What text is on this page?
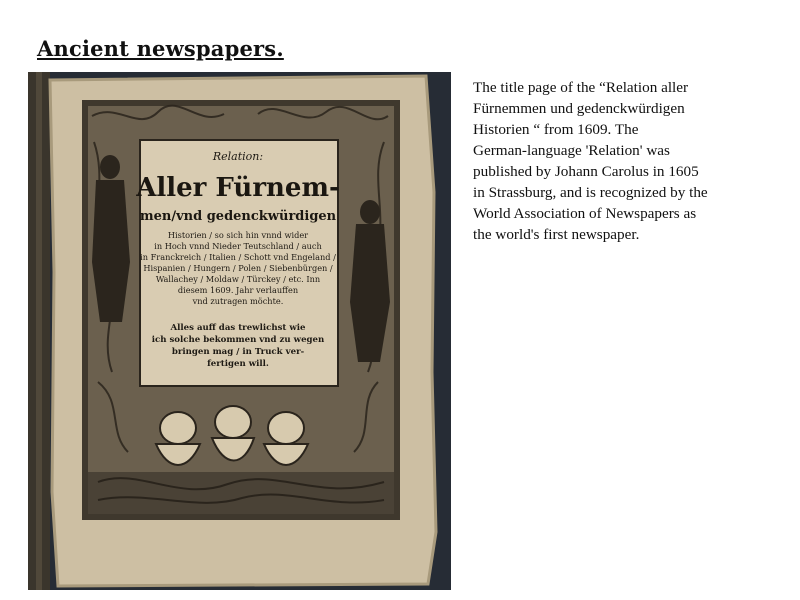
Ancient newspapers.
Relation:
Aller Fürnem-
men/vnd gedenckwürdigen
Historien / so sich hin vnnd wider
in Hoch vnnd Nieder Teutschland / auch
in Franckreich / Italien / Schott vnd Engeland /
Hispanien / Hungern / Polen / Siebenbürgen /
Wallachey / Moldaw / Türckey / etc. Inn
diesem 1609. Jahr verlauffen
vnd zutragen möchte.
Alles auff das trewlichst wie
ich solche bekommen vnd zu wegen
bringen mag / in Truck ver-
fertigen will.
The title page of the “Relation aller
Fürnemmen und gedenckwürdigen
Historien “ from 1609. The
German-language 'Relation' was
published by Johann Carolus in 1605
in Strassburg, and is recognized by the
World Association of Newspapers as
the world's first newspaper.
